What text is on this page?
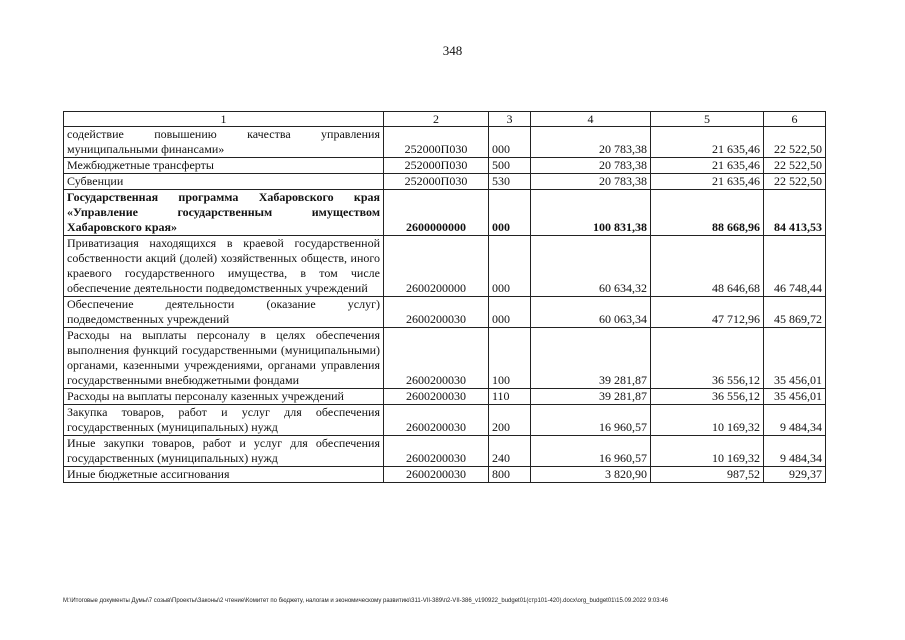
348
1	2	3	4	5	6
содействие повышению качества управления муниципальными финансами»	252000П030	000	20 783,38	21 635,46	22 522,50
Межбюджетные трансферты	252000П030	500	20 783,38	21 635,46	22 522,50
Субвенции	252000П030	530	20 783,38	21 635,46	22 522,50
Государственная программа Хабаровского края «Управление государственным имуществом Хабаровского края»	2600000000	000	100 831,38	88 668,96	84 413,53
Приватизация находящихся в краевой государственной собственности акций (долей) хозяйственных обществ, иного краевого государственного имущества, в том числе обеспечение деятельности подведомственных учреждений	2600200000	000	60 634,32	48 646,68	46 748,44
Обеспечение деятельности (оказание услуг) подведомственных учреждений	2600200030	000	60 063,34	47 712,96	45 869,72
Расходы на выплаты персоналу в целях обеспечения выполнения функций государственными (муниципальными) органами, казенными учреждениями, органами управления государственными внебюджетными фондами	2600200030	100	39 281,87	36 556,12	35 456,01
Расходы на выплаты персоналу казенных учреждений	2600200030	110	39 281,87	36 556,12	35 456,01
Закупка товаров, работ и услуг для обеспечения государственных (муниципальных) нужд	2600200030	200	16 960,57	10 169,32	9 484,34
Иные закупки товаров, работ и услуг для обеспечения государственных (муниципальных) нужд	2600200030	240	16 960,57	10 169,32	9 484,34
Иные бюджетные ассигнования	2600200030	800	3 820,90	987,52	929,37
М:\Итоговые документы Думы\7 созыв\Проекты\Законы\2 чтение\Комитет по бюджету, налогам и экономическому развитию\311-VII-389\п2-VII-386_v190922_budget01(стр101-420).docx\org_budget01\15.09.2022 9:03:46
